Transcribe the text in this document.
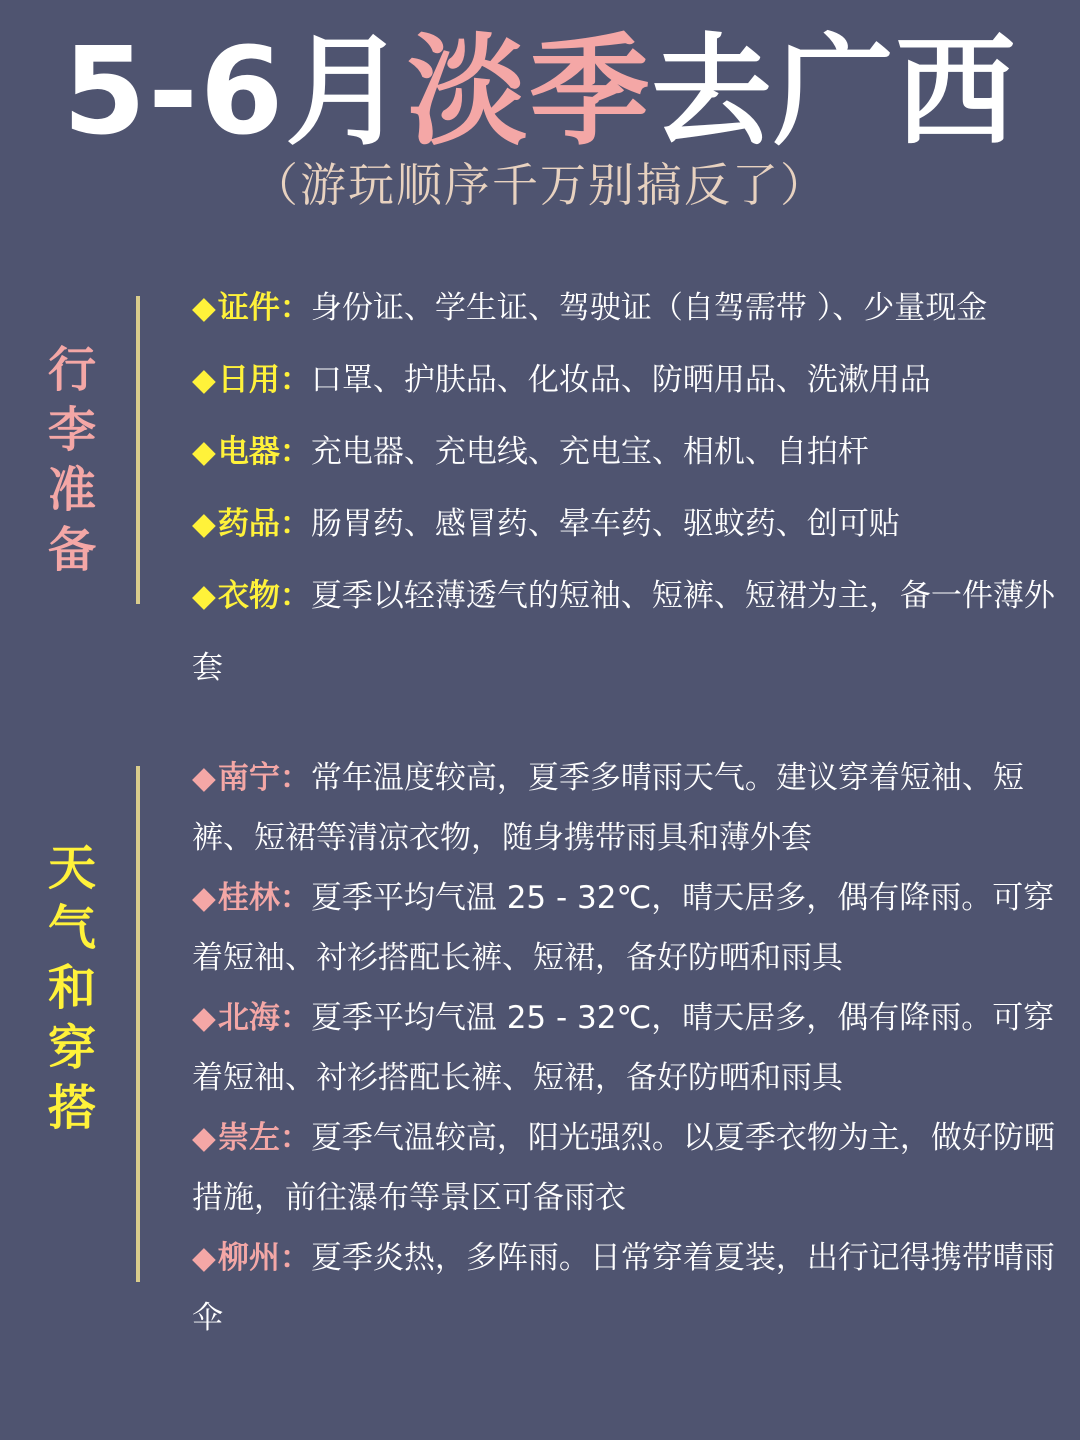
5-6月淡季去广西
（游玩顺序千万别搞反了）
行李准备
◆证件：身份证、学生证、驾驶证（自驾需带 ）、少量现金
◆日用：口罩、护肤品、化妆品、防晒用品、洗漱用品
◆电器：充电器、充电线、充电宝、相机、自拍杆
◆药品：肠胃药、感冒药、晕车药、驱蚊药、创可贴
◆衣物：夏季以轻薄透气的短袖、短裤、短裙为主，备一件薄外套
天气和穿搭
◆南宁：常年温度较高，夏季多晴雨天气。建议穿着短袖、短裤、短裙等清凉衣物，随身携带雨具和薄外套
◆桂林：夏季平均气温 25 - 32℃，晴天居多，偶有降雨。可穿着短袖、衬衫搭配长裤、短裙，备好防晒和雨具
◆北海：夏季平均气温 25 - 32℃，晴天居多，偶有降雨。可穿着短袖、衬衫搭配长裤、短裙，备好防晒和雨具
◆崇左：夏季气温较高，阳光强烈。以夏季衣物为主，做好防晒措施，前往瀑布等景区可备雨衣
◆柳州：夏季炎热，多阵雨。日常穿着夏装，出行记得携带晴雨伞
